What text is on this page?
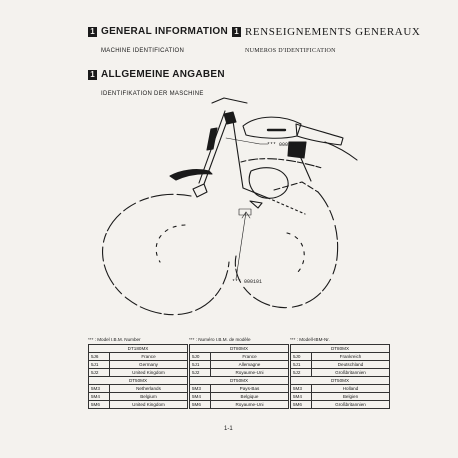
1 $^{GENERAL INFORMATION}$
MACHINE IDENTIFICATION
1 $^{RENSEIGNEMENTS GENERAUX}$
NUMEROS D'IDENTIFICATION
1 $^{ALLGEMEINE ANGABEN}$
IDENTIFIKATION DER MASCHINE
*** 000101
*** 000101
*** : Model I.B.M. Number
DT180MX	
5J6	France
5J1	Germany
5J2	United Kingdom
DT50MX	
5M3	Netherlands
5M4	Belgium
5M6	United Kingdom
*** : Numéro I.B.M. de modèle
DT80MX	
5J0	France
5J1	Allemagne
5J2	Royaume-Uni
DT50MX	
5M3	Pays-Bas
5M4	Belgique
5M6	Royaume-Uni
*** : Modell-IBM-Nr.
DT80MX	
5J0	Frankreich
5J1	Deutschland
5J2	Großbritannien
DT50MX	
5M3	Holland
5M4	Belgien
5M6	Großbritannien
1-1
